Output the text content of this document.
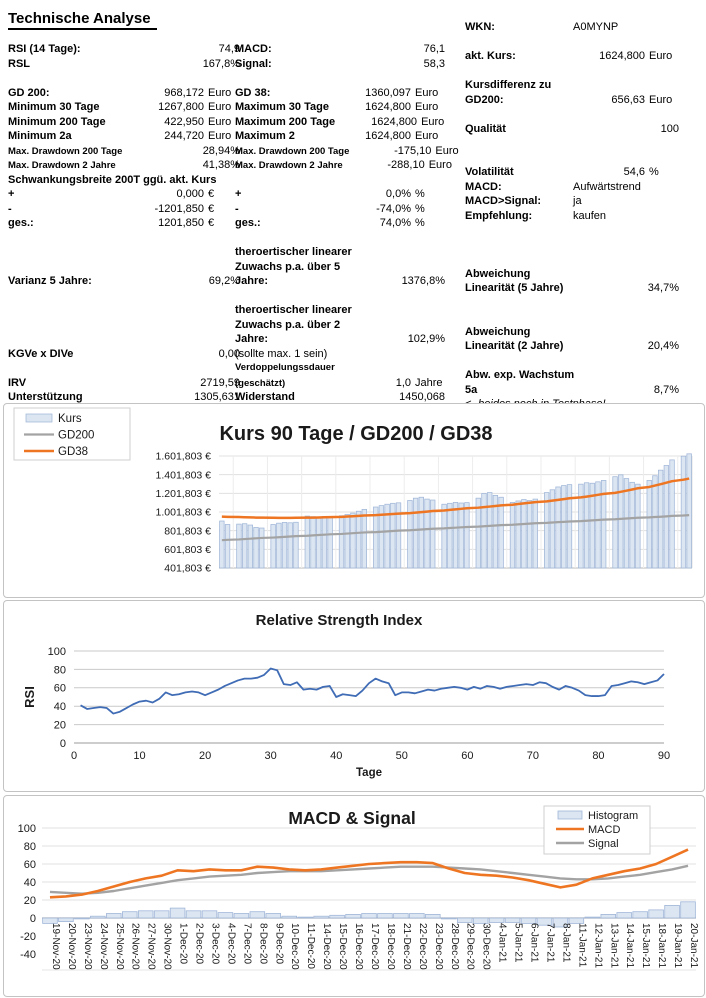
Technische Analyse
RSI (14 Tage):	74,9
RSL	167,8%
GD 200:	968,172 Euro
Minimum 30 Tage	1267,800 Euro
Minimum 200 Tage	422,950 Euro
Minimum 2a	244,720 Euro
Max. Drawdown 200 Tage	28,94%
Max. Drawdown 2 Jahre	41,38%
Schwankungsbreite 200T ggü. akt. Kurs
+	0,000 €
-	-1201,850 €
ges.:	1201,850 €
Varianz 5 Jahre:	69,2%
KGVe x DIVe	0,00
IRV	2719,59
Unterstützung	1305,631
MACD:	76,1
Signal:	58,3
GD 38:	1360,097 Euro
Maximum 30 Tage	1624,800 Euro
Maximum 200 Tage	1624,800 Euro
Maximum 2	1624,800 Euro
Max. Drawdown 200 Tage	-175,10 Euro
Max. Drawdown 2 Jahre	-288,10 Euro
+	0,0% %
-	-74,0% %
ges.:	74,0% %
theroertischer linearer
Zuwachs p.a. über 5
Jahre:	1376,8%
theroertischer linearer
Zuwachs p.a. über 2
Jahre:	102,9%
(sollte max. 1 sein)
Verdoppelungssdauer
(geschätzt)	1,0 Jahre
Widerstand	1450,068
WKN:	A0MYNP
akt. Kurs:	1624,800 Euro
Kursdifferenz zu
GD200:	656,63 Euro
Qualität	100
Volatilität	54,6 %
MACD:	Aufwärtstrend
MACD>Signal:	ja
Empfehlung:	kaufen
Abweichung
Linearität (5 Jahre)	34,7%
Abweichung
Linearität (2 Jahre)	20,4%
Abw. exp. Wachstum
5a	8,7%
1.601,803 €
1.401,803 €
1.201,803 €
1.001,803 €
801,803 €
601,803 €
401,803 €
Kurs
GD200
GD38
Kurs 90 Tage / GD200 / GD38
0
20
40
60
80
100
0	10	20	30	40	50	60	70	80	90
Relative Strength Index
RSI
Tage
-40
-20
0
20
40
60
80
100
19-Nov-20 20-Nov-20 23-Nov-20 24-Nov-20 25-Nov-20 26-Nov-20 27-Nov-20 30-Nov-20 1-Dec-20 2-Dec-20 3-Dec-20 4-Dec-20 7-Dec-20 8-Dec-20 9-Dec-20 10-Dec-20 11-Dec-20 14-Dec-20 15-Dec-20 16-Dec-20 17-Dec-20 18-Dec-20 21-Dec-20 22-Dec-20 23-Dec-20 28-Dec-20 29-Dec-20 30-Dec-20 4-Jan-21 5-Jan-21 6-Jan-21 7-Jan-21 8-Jan-21 11-Jan-21 12-Jan-21 13-Jan-21 14-Jan-21 15-Jan-21 18-Jan-21 19-Jan-21 20-Jan-21
Histogram
MACD
Signal
MACD & Signal
